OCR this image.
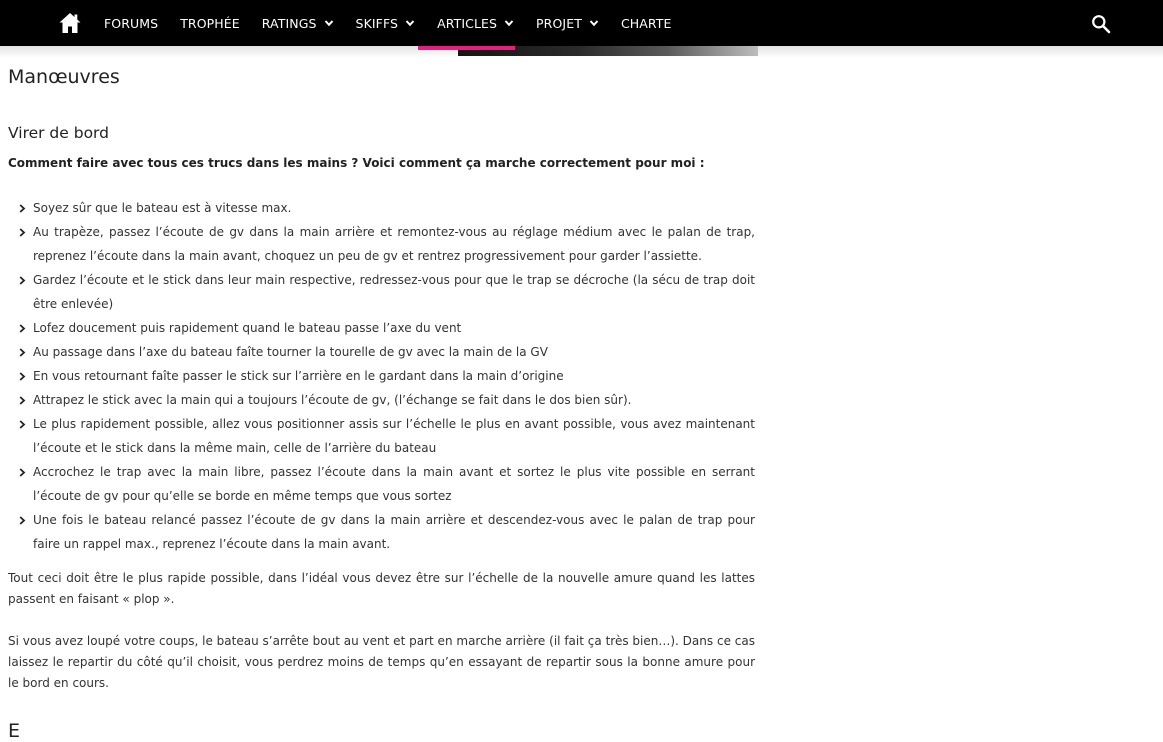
FORUMS TROPHÉE RATINGS	SKIFFS	ARTICLES	PROJET	CHARTE
Manœuvres
Virer de bord

Comment faire avec tous ces trucs dans les mains ? Voici comment ça marche correctement pour moi :

Soyez sûr que le bateau est à vitesse max.
Au trapèze, passez l’écoute de gv dans la main arrière et remontez-vous au réglage médium avec le palan de trap, reprenez l’écoute dans la main avant, choquez un peu de gv et rentrez progressivement pour garder l’assiette.
Gardez l’écoute et le stick dans leur main respective, redressez-vous pour que le trap se décroche (la sécu de trap doit être enlevée)
Lofez doucement puis rapidement quand le bateau passe l’axe du vent
Au passage dans l’axe du bateau faîte tourner la tourelle de gv avec la main de la GV
En vous retournant faîte passer le stick sur l’arrière en le gardant dans la main d’origine
Attrapez le stick avec la main qui a toujours l’écoute de gv, (l’échange se fait dans le dos bien sûr).
Le plus rapidement possible, allez vous positionner assis sur l’échelle le plus en avant possible, vous avez maintenant l’écoute et le stick dans la même main, celle de l’arrière du bateau
Accrochez le trap avec la main libre, passez l’écoute dans la main avant et sortez le plus vite possible en serrant l’écoute de gv pour qu’elle se borde en même temps que vous sortez
Une fois le bateau relancé passez l’écoute de gv dans la main arrière et descendez-vous avec le palan de trap pour faire un rappel max., reprenez l’écoute dans la main avant.

Tout ceci doit être le plus rapide possible, dans l’idéal vous devez être sur l’échelle de la nouvelle amure quand les lattes passent en faisant « plop ».

Si vous avez loupé votre coups, le bateau s’arrête bout au vent et part en marche arrière (il fait ça très bien…). Dans ce cas laissez le repartir du côté qu’il choisit, vous perdrez moins de temps qu’en essayant de repartir sous la bonne amure pour le bord en cours.

E
